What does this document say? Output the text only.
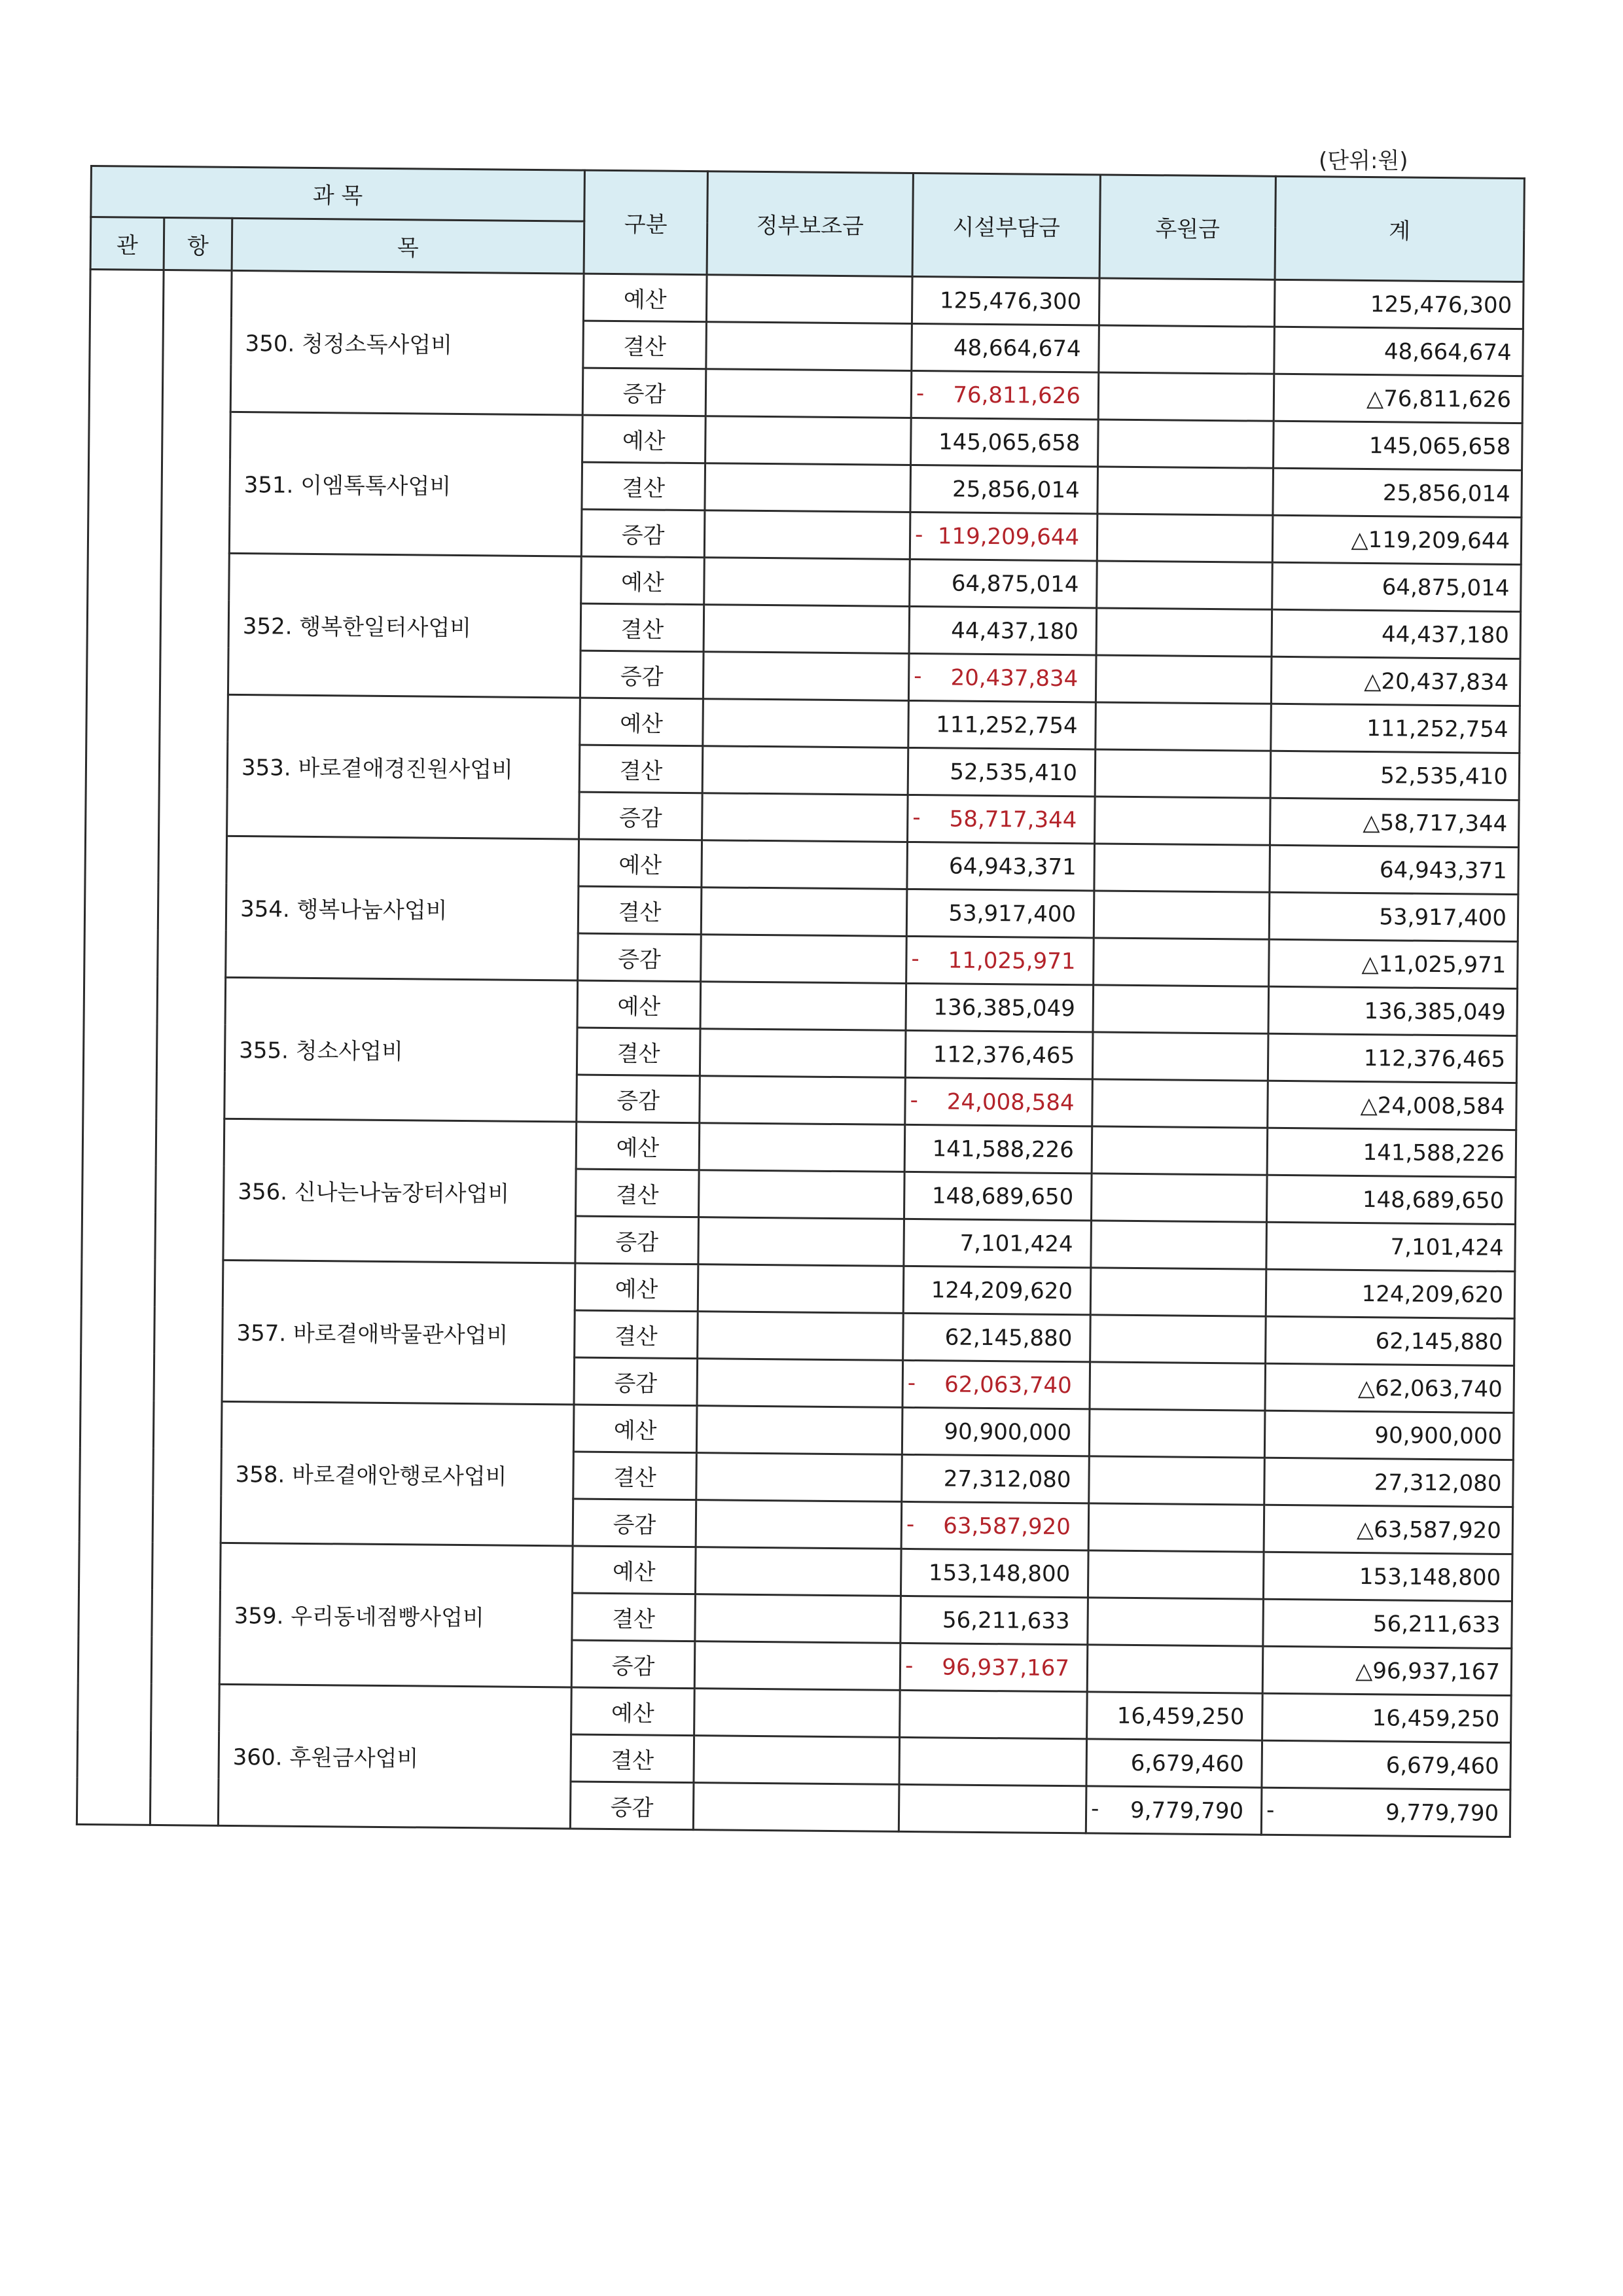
(단위:원)
과 목			구분	정부보조금	시설부담금	후원금	계
관	항	목					
		350. 청정소독사업비	예산		125,476,300		125,476,300
			결산		48,664,674		48,664,674
			증감		- 76,811,626		△76,811,626
		351. 이엠톡톡사업비	예산		145,065,658		145,065,658
			결산		25,856,014		25,856,014
			증감		- 119,209,644		△119,209,644
		352. 행복한일터사업비	예산		64,875,014		64,875,014
			결산		44,437,180		44,437,180
			증감		- 20,437,834		△20,437,834
		353. 바로곁애경진원사업비	예산		111,252,754		111,252,754
			결산		52,535,410		52,535,410
			증감		- 58,717,344		△58,717,344
		354. 행복나눔사업비	예산		64,943,371		64,943,371
			결산		53,917,400		53,917,400
			증감		- 11,025,971		△11,025,971
		355. 청소사업비	예산		136,385,049		136,385,049
			결산		112,376,465		112,376,465
			증감		- 24,008,584		△24,008,584
		356. 신나는나눔장터사업비	예산		141,588,226		141,588,226
			결산		148,689,650		148,689,650
			증감		7,101,424		7,101,424
		357. 바로곁애박물관사업비	예산		124,209,620		124,209,620
			결산		62,145,880		62,145,880
			증감		- 62,063,740		△62,063,740
		358. 바로곁애안행로사업비	예산		90,900,000		90,900,000
			결산		27,312,080		27,312,080
			증감		- 63,587,920		△63,587,920
		359. 우리동네점빵사업비	예산		153,148,800		153,148,800
			결산		56,211,633		56,211,633
			증감		- 96,937,167		△96,937,167
		360. 후원금사업비	예산			16,459,250	16,459,250
			결산			6,679,460	6,679,460
			증감			- 9,779,790	- 9,779,790
